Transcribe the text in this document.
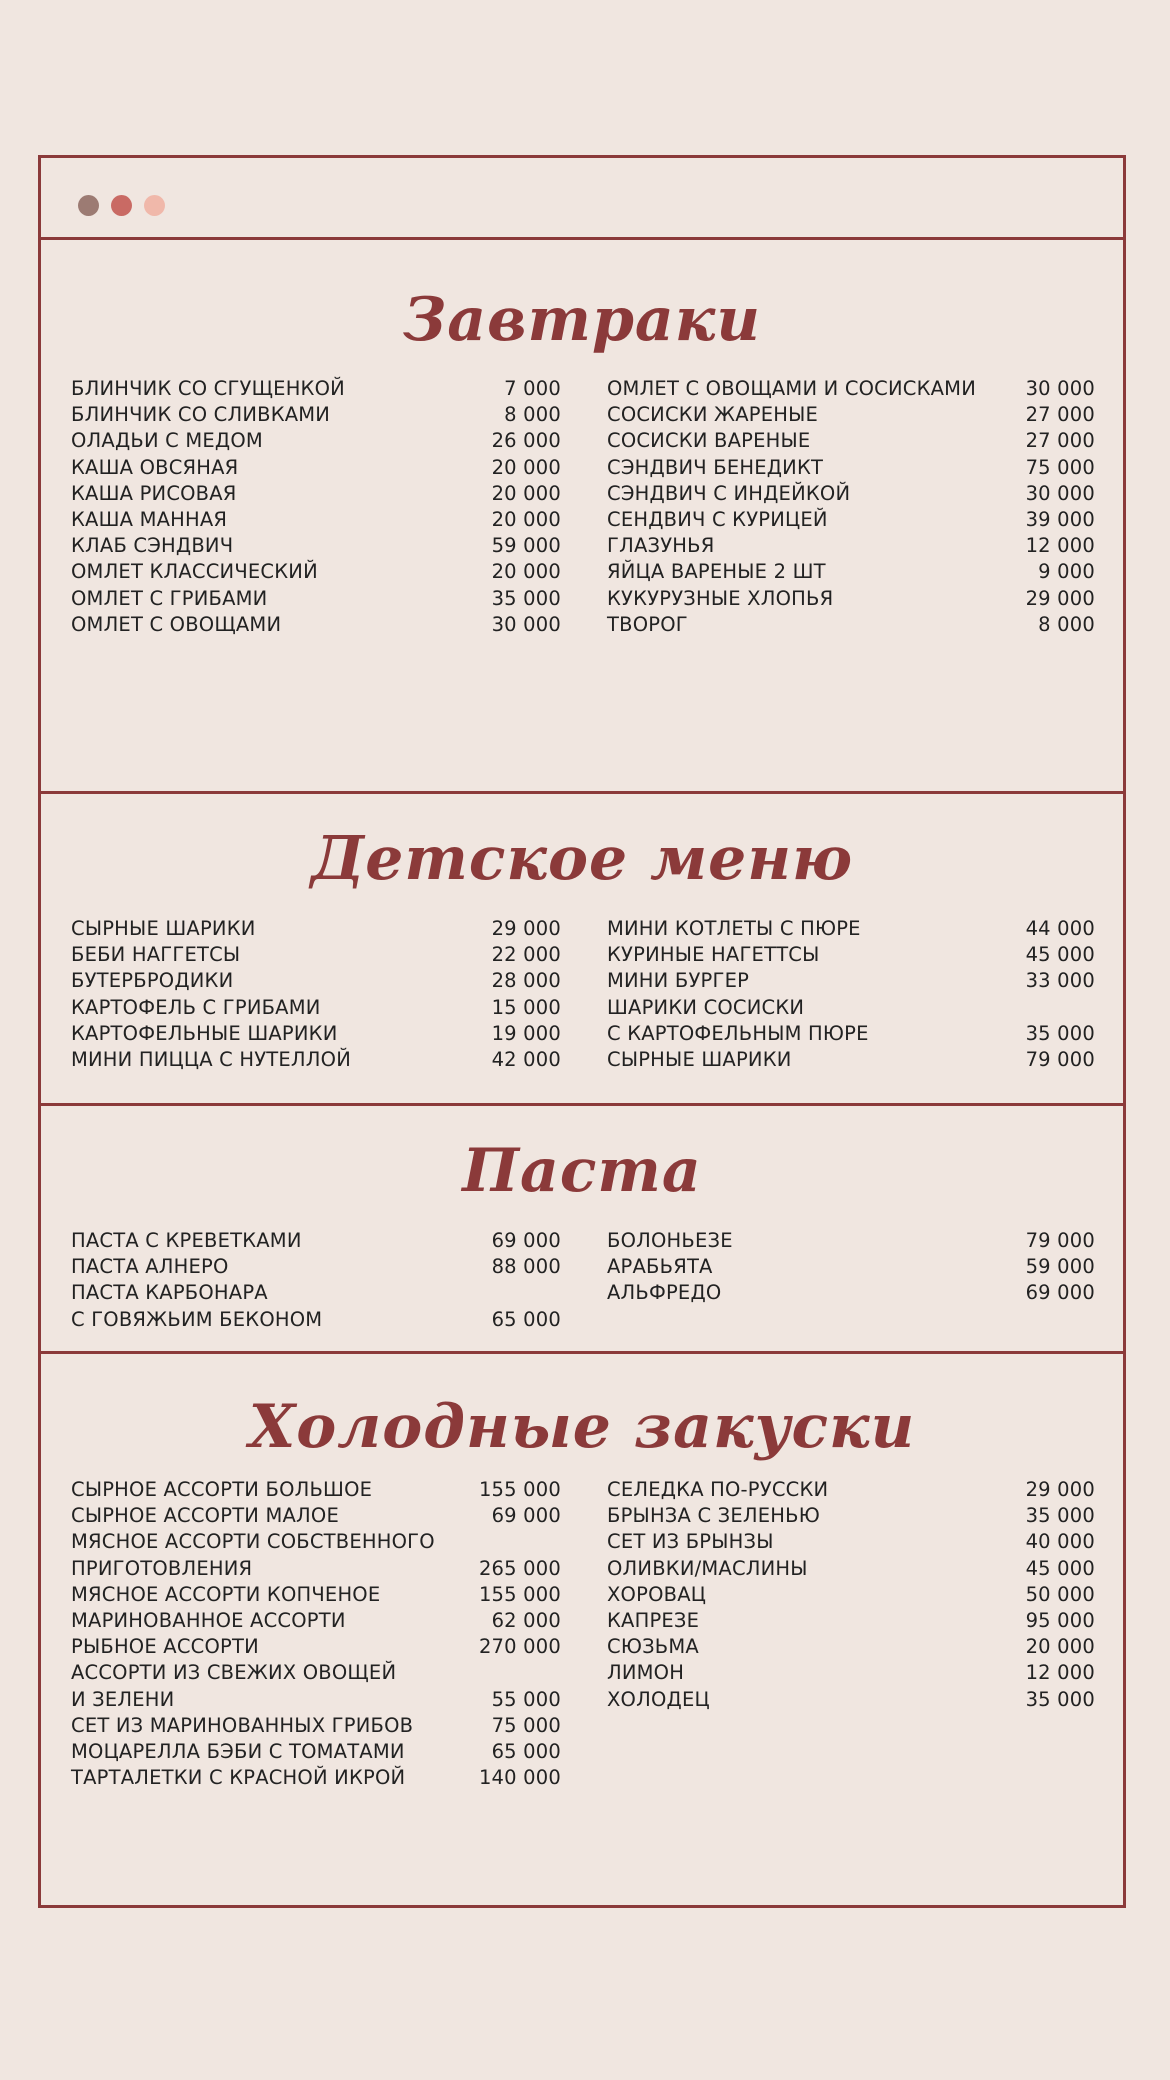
Завтраки
БЛИНЧИК СО СГУЩЕНКОЙ	7 000
БЛИНЧИК СО СЛИВКАМИ	8 000
ОЛАДЬИ С МЕДОМ	26 000
КАША ОВСЯНАЯ	20 000
КАША РИСОВАЯ	20 000
КАША МАННАЯ	20 000
КЛАБ СЭНДВИЧ	59 000
ОМЛЕТ КЛАССИЧЕСКИЙ	20 000
ОМЛЕТ С ГРИБАМИ	35 000
ОМЛЕТ С ОВОЩАМИ	30 000
ОМЛЕТ С ОВОЩАМИ И СОСИСКАМИ	30 000
СОСИСКИ ЖАРЕНЫЕ	27 000
СОСИСКИ ВАРЕНЫЕ	27 000
СЭНДВИЧ БЕНЕДИКТ	75 000
СЭНДВИЧ С ИНДЕЙКОЙ	30 000
СЕНДВИЧ С КУРИЦЕЙ	39 000
ГЛАЗУНЬЯ	12 000
ЯЙЦА ВАРЕНЫЕ 2 ШТ	9 000
КУКУРУЗНЫЕ ХЛОПЬЯ	29 000
ТВОРОГ	8 000
Детское меню
СЫРНЫЕ ШАРИКИ	29 000
БЕБИ НАГГЕТСЫ	22 000
БУТЕРБРОДИКИ	28 000
КАРТОФЕЛЬ С ГРИБАМИ	15 000
КАРТОФЕЛЬНЫЕ ШАРИКИ	19 000
МИНИ ПИЦЦА С НУТЕЛЛОЙ	42 000
МИНИ КОТЛЕТЫ С ПЮРЕ	44 000
КУРИНЫЕ НАГЕТТСЫ	45 000
МИНИ БУРГЕР	33 000
ШАРИКИ СОСИСКИ
С КАРТОФЕЛЬНЫМ ПЮРЕ	35 000
СЫРНЫЕ ШАРИКИ	79 000
Паста
ПАСТА С КРЕВЕТКАМИ	69 000
ПАСТА АЛНЕРО	88 000
ПАСТА КАРБОНАРА
С ГОВЯЖЬИМ БЕКОНОМ	65 000
БОЛОНЬЕЗЕ	79 000
АРАБЬЯТА	59 000
АЛЬФРЕДО	69 000
Холодные закуски
СЫРНОЕ АССОРТИ БОЛЬШОЕ	155 000
СЫРНОЕ АССОРТИ МАЛОЕ	69 000
МЯСНОЕ АССОРТИ СОБСТВЕННОГО
ПРИГОТОВЛЕНИЯ	265 000
МЯСНОЕ АССОРТИ КОПЧЕНОЕ	155 000
МАРИНОВАННОЕ АССОРТИ	62 000
РЫБНОЕ АССОРТИ	270 000
АССОРТИ ИЗ СВЕЖИХ ОВОЩЕЙ
И ЗЕЛЕНИ	55 000
СЕТ ИЗ МАРИНОВАННЫХ ГРИБОВ	75 000
МОЦАРЕЛЛА БЭБИ С ТОМАТАМИ	65 000
ТАРТАЛЕТКИ С КРАСНОЙ ИКРОЙ	140 000
СЕЛЕДКА ПО-РУССКИ	29 000
БРЫНЗА С ЗЕЛЕНЬЮ	35 000
СЕТ ИЗ БРЫНЗЫ	40 000
ОЛИВКИ/МАСЛИНЫ	45 000
ХОРОВАЦ	50 000
КАПРЕЗЕ	95 000
СЮЗЬМА	20 000
ЛИМОН	12 000
ХОЛОДЕЦ	35 000
